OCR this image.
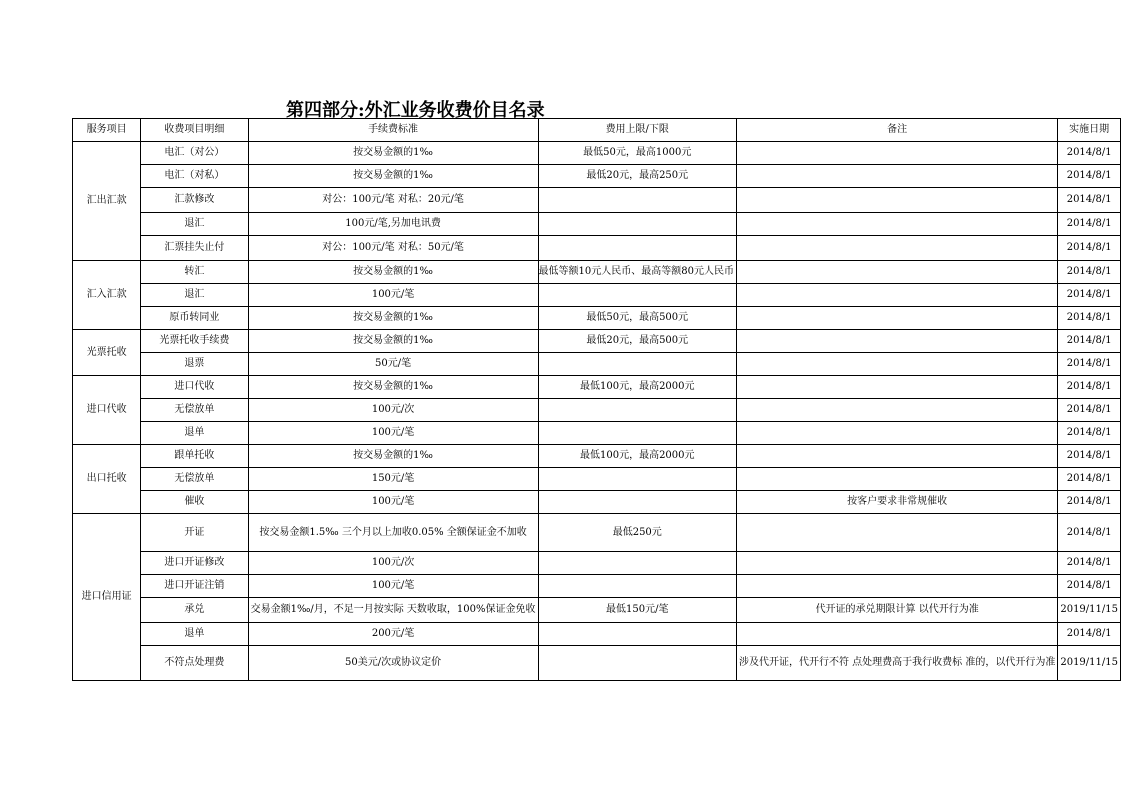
第四部分:外汇业务收费价目名录
服务项目	收费项目明细	手续费标准	费用上限/下限	备注	实施日期
汇出汇款	电汇（对公）	按交易金额的1‰	最低50元，最高1000元		2014/8/1
	电汇（对私）	按交易金额的1‰	最低20元，最高250元		2014/8/1
	汇款修改	对公：100元/笔 对私：20元/笔			2014/8/1
	退汇	100元/笔,另加电讯费			2014/8/1
	汇票挂失止付	对公：100元/笔 对私：50元/笔			2014/8/1
汇入汇款	转汇	按交易金额的1‰	最低等额10元人民币、最高等额80元人民币		2014/8/1
	退汇	100元/笔			2014/8/1
	原币转同业	按交易金额的1‰	最低50元，最高500元		2014/8/1
光票托收	光票托收手续费	按交易金额的1‰	最低20元，最高500元		2014/8/1
	退票	50元/笔			2014/8/1
进口代收	进口代收	按交易金额的1‰	最低100元，最高2000元		2014/8/1
	无偿放单	100元/次			2014/8/1
	退单	100元/笔			2014/8/1
出口托收	跟单托收	按交易金额的1‰	最低100元，最高2000元		2014/8/1
	无偿放单	150元/笔			2014/8/1
	催收	100元/笔		按客户要求非常规催收	2014/8/1
进口信用证	开证	按交易金额1.5‰ 三个月以上加收0.05% 全额保证金不加收	最低250元		2014/8/1
	进口开证修改	100元/次			2014/8/1
	进口开证注销	100元/笔			2014/8/1
	承兑	交易金额1‰/月，不足一月按实际 天数收取，100%保证金免收	最低150元/笔	代开证的承兑期限计算 以代开行为准	2019/11/15
	退单	200元/笔			2014/8/1
	不符点处理费	50美元/次或协议定价		涉及代开证，代开行不符 点处理费高于我行收费标 准的，以代开行为准	2019/11/15
